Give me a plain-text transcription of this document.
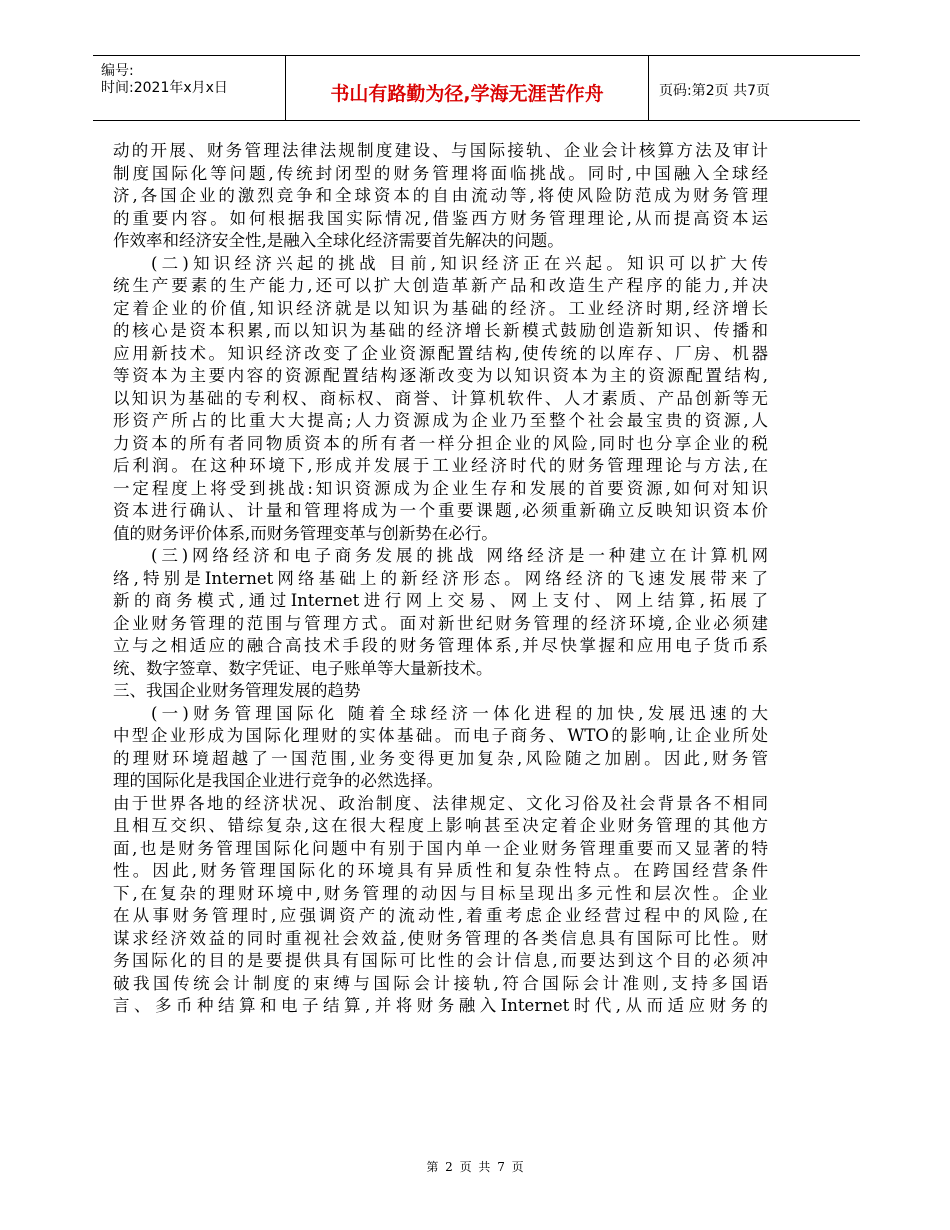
编号:
时间:2021年x月x日	书山有路勤为径,学海无涯苦作舟	页码:第2页 共7页
动的开展、财务管理法律法规制度建设、与国际接轨、企业会计核算方法及审计
制度国际化等问题,传统封闭型的财务管理将面临挑战。同时,中国融入全球经
济,各国企业的激烈竞争和全球资本的自由流动等,将使风险防范成为财务管理
的重要内容。如何根据我国实际情况,借鉴西方财务管理理论,从而提高资本运
作效率和经济安全性,是融入全球化经济需要首先解决的问题。
(二)知识经济兴起的挑战 目前,知识经济正在兴起。知识可以扩大传
统生产要素的生产能力,还可以扩大创造革新产品和改造生产程序的能力,并决
定着企业的价值,知识经济就是以知识为基础的经济。工业经济时期,经济增长
的核心是资本积累,而以知识为基础的经济增长新模式鼓励创造新知识、传播和
应用新技术。知识经济改变了企业资源配置结构,使传统的以库存、厂房、机器
等资本为主要内容的资源配置结构逐渐改变为以知识资本为主的资源配置结构,
以知识为基础的专利权、商标权、商誉、计算机软件、人才素质、产品创新等无
形资产所占的比重大大提高;人力资源成为企业乃至整个社会最宝贵的资源,人
力资本的所有者同物质资本的所有者一样分担企业的风险,同时也分享企业的税
后利润。在这种环境下,形成并发展于工业经济时代的财务管理理论与方法,在
一定程度上将受到挑战:知识资源成为企业生存和发展的首要资源,如何对知识
资本进行确认、计量和管理将成为一个重要课题,必须重新确立反映知识资本价
值的财务评价体系,而财务管理变革与创新势在必行。
(三)网络经济和电子商务发展的挑战 网络经济是一种建立在计算机网
络,特别是Internet网络基础上的新经济形态。网络经济的飞速发展带来了
新的商务模式,通过Internet进行网上交易、网上支付、网上结算,拓展了
企业财务管理的范围与管理方式。面对新世纪财务管理的经济环境,企业必须建
立与之相适应的融合高技术手段的财务管理体系,并尽快掌握和应用电子货币系
统、数字签章、数字凭证、电子账单等大量新技术。
三、我国企业财务管理发展的趋势
(一)财务管理国际化 随着全球经济一体化进程的加快,发展迅速的大
中型企业形成为国际化理财的实体基础。而电子商务、WTO的影响,让企业所处
的理财环境超越了一国范围,业务变得更加复杂,风险随之加剧。因此,财务管
理的国际化是我国企业进行竞争的必然选择。
由于世界各地的经济状况、政治制度、法律规定、文化习俗及社会背景各不相同
且相互交织、错综复杂,这在很大程度上影响甚至决定着企业财务管理的其他方
面,也是财务管理国际化问题中有别于国内单一企业财务管理重要而又显著的特
性。因此,财务管理国际化的环境具有异质性和复杂性特点。在跨国经营条件
下,在复杂的理财环境中,财务管理的动因与目标呈现出多元性和层次性。企业
在从事财务管理时,应强调资产的流动性,着重考虑企业经营过程中的风险,在
谋求经济效益的同时重视社会效益,使财务管理的各类信息具有国际可比性。财
务国际化的目的是要提供具有国际可比性的会计信息,而要达到这个目的必须冲
破我国传统会计制度的束缚与国际会计接轨,符合国际会计准则,支持多国语
言、多币种结算和电子结算,并将财务融入Internet时代,从而适应财务的
第 2 页 共 7 页
